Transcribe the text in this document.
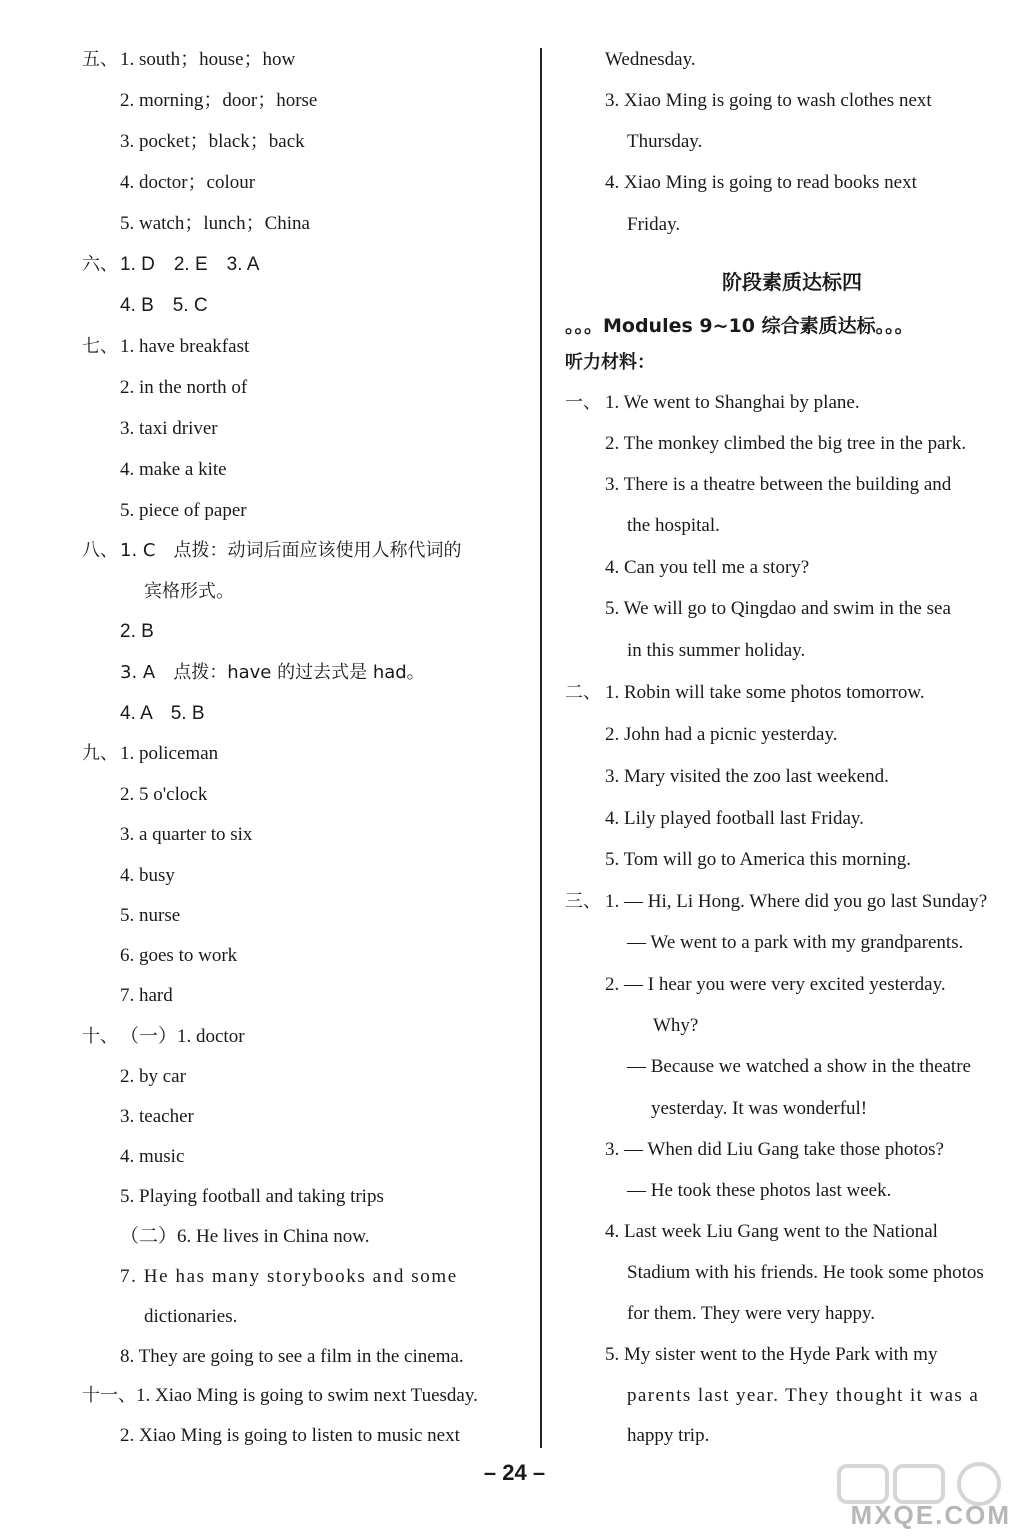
五、 1. south；house；how
2. morning；door；horse
3. pocket；black；back
4. doctor；colour
5. watch；lunch；China
六、 1. D　2. E　3. A
4. B　5. C
七、 1. have breakfast
2. in the north of
3. taxi driver
4. make a kite
5. piece of paper
八、 1. C　点拨：动词后面应该使用人称代词的
宾格形式。
2. B
3. A　点拨：have 的过去式是 had。
4. A　5. B
九、 1. policeman
2. 5 o'clock
3. a quarter to six
4. busy
5. nurse
6. goes to work
7. hard
十、 （一）1. doctor
2. by car
3. teacher
4. music
5. Playing football and taking trips
（二）6. He lives in China now.
7. He has many storybooks and some
dictionaries.
8. They are going to see a film in the cinema.
十一、 1. Xiao Ming is going to swim next Tuesday.
2. Xiao Ming is going to listen to music next
Wednesday.
3. Xiao Ming is going to wash clothes next
Thursday.
4. Xiao Ming is going to read books next
Friday.
阶段素质达标四
。。。Modules 9~10 综合素质达标。。。
听力材料：
一、 1. We went to Shanghai by plane.
2. The monkey climbed the big tree in the park.
3. There is a theatre between the building and
the hospital.
4. Can you tell me a story?
5. We will go to Qingdao and swim in the sea
in this summer holiday.
二、 1. Robin will take some photos tomorrow.
2. John had a picnic yesterday.
3. Mary visited the zoo last weekend.
4. Lily played football last Friday.
5. Tom will go to America this morning.
三、 1. — Hi, Li Hong. Where did you go last Sunday?
— We went to a park with my grandparents.
2. — I hear you were very excited yesterday.
Why?
— Because we watched a show in the theatre
yesterday. It was wonderful!
3. — When did Liu Gang take those photos?
— He took these photos last week.
4. Last week Liu Gang went to the National
Stadium with his friends. He took some photos
for them. They were very happy.
5. My sister went to the Hyde Park with my
parents last year. They thought it was a
happy trip.
– 24 –
MXQE.COM
